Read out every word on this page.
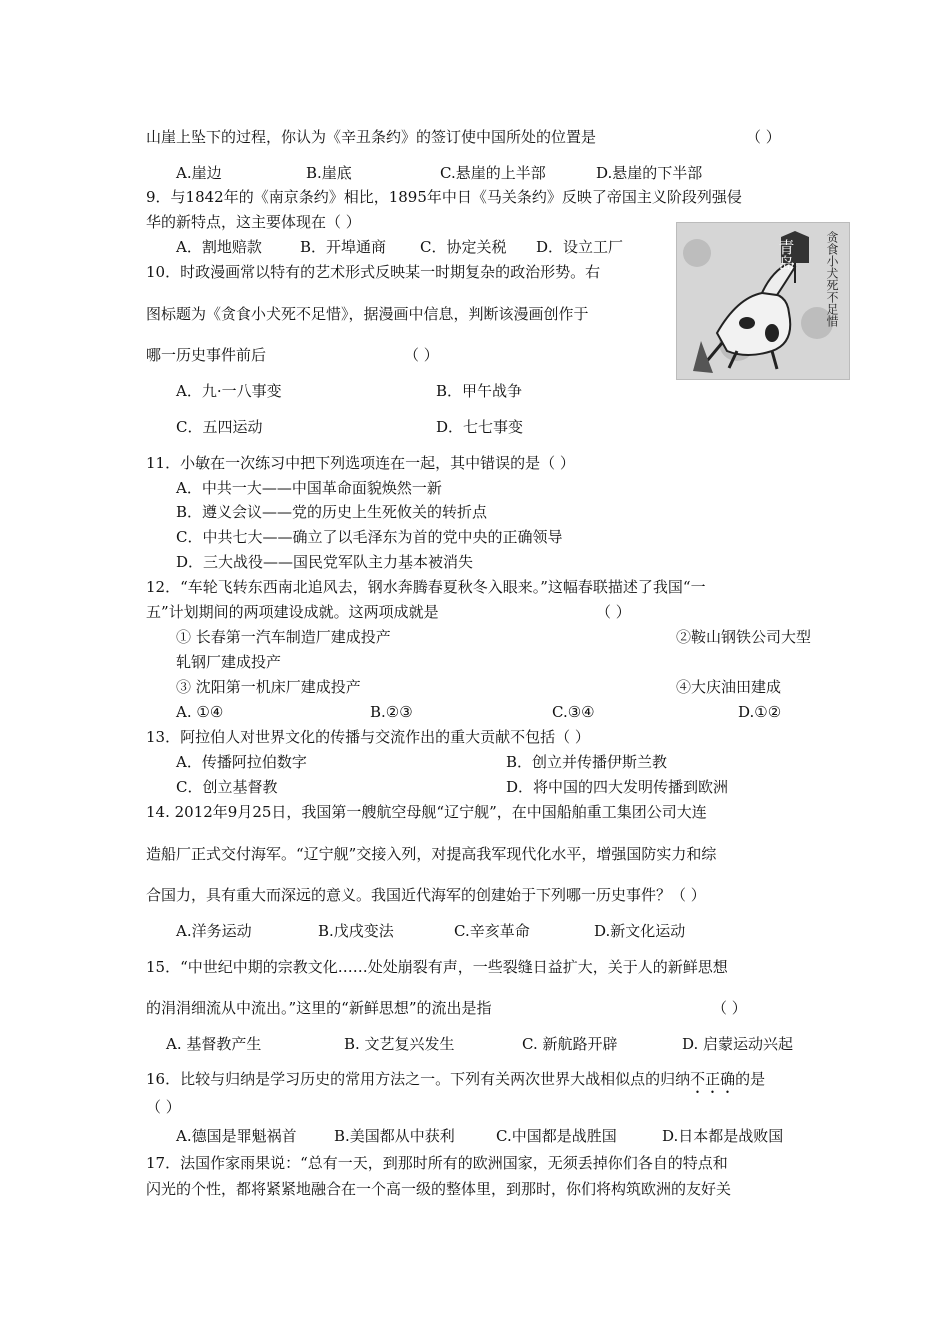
山崖上坠下的过程，你认为《辛丑条约》的签订使中国所处的位置是	（ ）
A.崖边	B.崖底	C.悬崖的上半部	D.悬崖的下半部
9．与1842年的《南京条约》相比，1895年中日《马关条约》反映了帝国主义阶段列强侵
华的新特点，这主要体现在（ ）
A．割地赔款	B．开埠通商 C．协定关税 D．设立工厂
10．时政漫画常以特有的艺术形式反映某一时期复杂的政治形势。右
图标题为《贪食小犬死不足惜》，据漫画中信息，判断该漫画创作于
哪一历史事件前后	（ ）
A．九·一八事变	B．甲午战争
C．五四运动	D．七七事变
青岛	贪食小犬死不足惜
11．小敏在一次练习中把下列选项连在一起，其中错误的是（ ）
A．中共一大——中国革命面貌焕然一新
B．遵义会议——党的历史上生死攸关的转折点
C．中共七大——确立了以毛泽东为首的党中央的正确领导
D．三大战役——国民党军队主力基本被消失
12．“车轮飞转东西南北追风去，钢水奔腾春夏秋冬入眼来。”这幅春联描述了我国“一
五”计划期间的两项建设成就。这两项成就是	（ ）
① 长春第一汽车制造厂建成投产	②鞍山钢铁公司大型
轧钢厂建成投产
③ 沈阳第一机床厂建成投产	④大庆油田建成
A. ①④	B.②③	C.③④	D.①②
13．阿拉伯人对世界文化的传播与交流作出的重大贡献不包括（ ）
A．传播阿拉伯数字	B．创立并传播伊斯兰教
C．创立基督教	D．将中国的四大发明传播到欧洲
14. 2012年9月25日，我国第一艘航空母舰“辽宁舰”，在中国船舶重工集团公司大连
造船厂正式交付海军。“辽宁舰”交接入列，对提高我军现代化水平，增强国防实力和综
合国力，具有重大而深远的意义。我国近代海军的创建始于下列哪一历史事件？（ ）
A.洋务运动	B.戊戌变法	C.辛亥革命	D.新文化运动
15．“中世纪中期的宗教文化……处处崩裂有声，一些裂缝日益扩大，关于人的新鲜思想
的涓涓细流从中流出。”这里的“新鲜思想”的流出是指	（ ）
A. 基督教产生	B. 文艺复兴发生	C. 新航路开辟	D. 启蒙运动兴起
16．比较与归纳是学习历史的常用方法之一。下列有关两次世界大战相似点的归纳不正确的是
（ ）
A.德国是罪魁祸首 B.美国都从中获利	C.中国都是战胜国	D.日本都是战败国
17．法国作家雨果说：“总有一天，到那时所有的欧洲国家，无须丢掉你们各自的特点和
闪光的个性，都将紧紧地融合在一个高一级的整体里，到那时，你们将构筑欧洲的友好关
